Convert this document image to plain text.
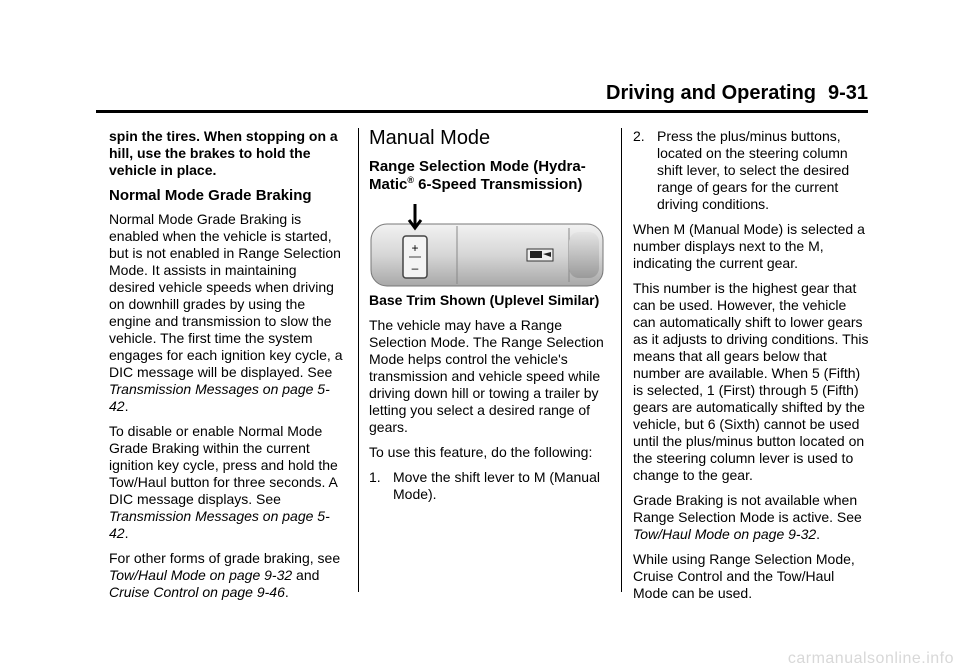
Driving and Operating 9-31

spin the tires. When stopping on a hill, use the brakes to hold the vehicle in place.

Normal Mode Grade Braking

Normal Mode Grade Braking is enabled when the vehicle is started, but is not enabled in Range Selection Mode. It assists in maintaining desired vehicle speeds when driving on downhill grades by using the engine and transmission to slow the vehicle. The first time the system engages for each ignition key cycle, a DIC message will be displayed. See Transmission Messages on page 5-42.

To disable or enable Normal Mode Grade Braking within the current ignition key cycle, press and hold the Tow/Haul button for three seconds. A DIC message displays. See Transmission Messages on page 5-42.

For other forms of grade braking, see Tow/Haul Mode on page 9-32 and Cruise Control on page 9-46.

Manual Mode
Range Selection Mode (Hydra-Matic® 6-Speed Transmission)
+
–

Base Trim Shown (Uplevel Similar)

The vehicle may have a Range Selection Mode. The Range Selection Mode helps control the vehicle's transmission and vehicle speed while driving down hill or towing a trailer by letting you select a desired range of gears.

To use this feature, do the following:

1. Move the shift lever to M (Manual Mode).
2. Press the plus/minus buttons, located on the steering column shift lever, to select the desired range of gears for the current driving conditions.

When M (Manual Mode) is selected a number displays next to the M, indicating the current gear.

This number is the highest gear that can be used. However, the vehicle can automatically shift to lower gears as it adjusts to driving conditions. This means that all gears below that number are available. When 5 (Fifth) is selected, 1 (First) through 5 (Fifth) gears are automatically shifted by the vehicle, but 6 (Sixth) cannot be used until the plus/minus button located on the steering column lever is used to change to the gear.

Grade Braking is not available when Range Selection Mode is active. See Tow/Haul Mode on page 9-32.

While using Range Selection Mode, Cruise Control and the Tow/Haul Mode can be used.

carmanualsonline.info
